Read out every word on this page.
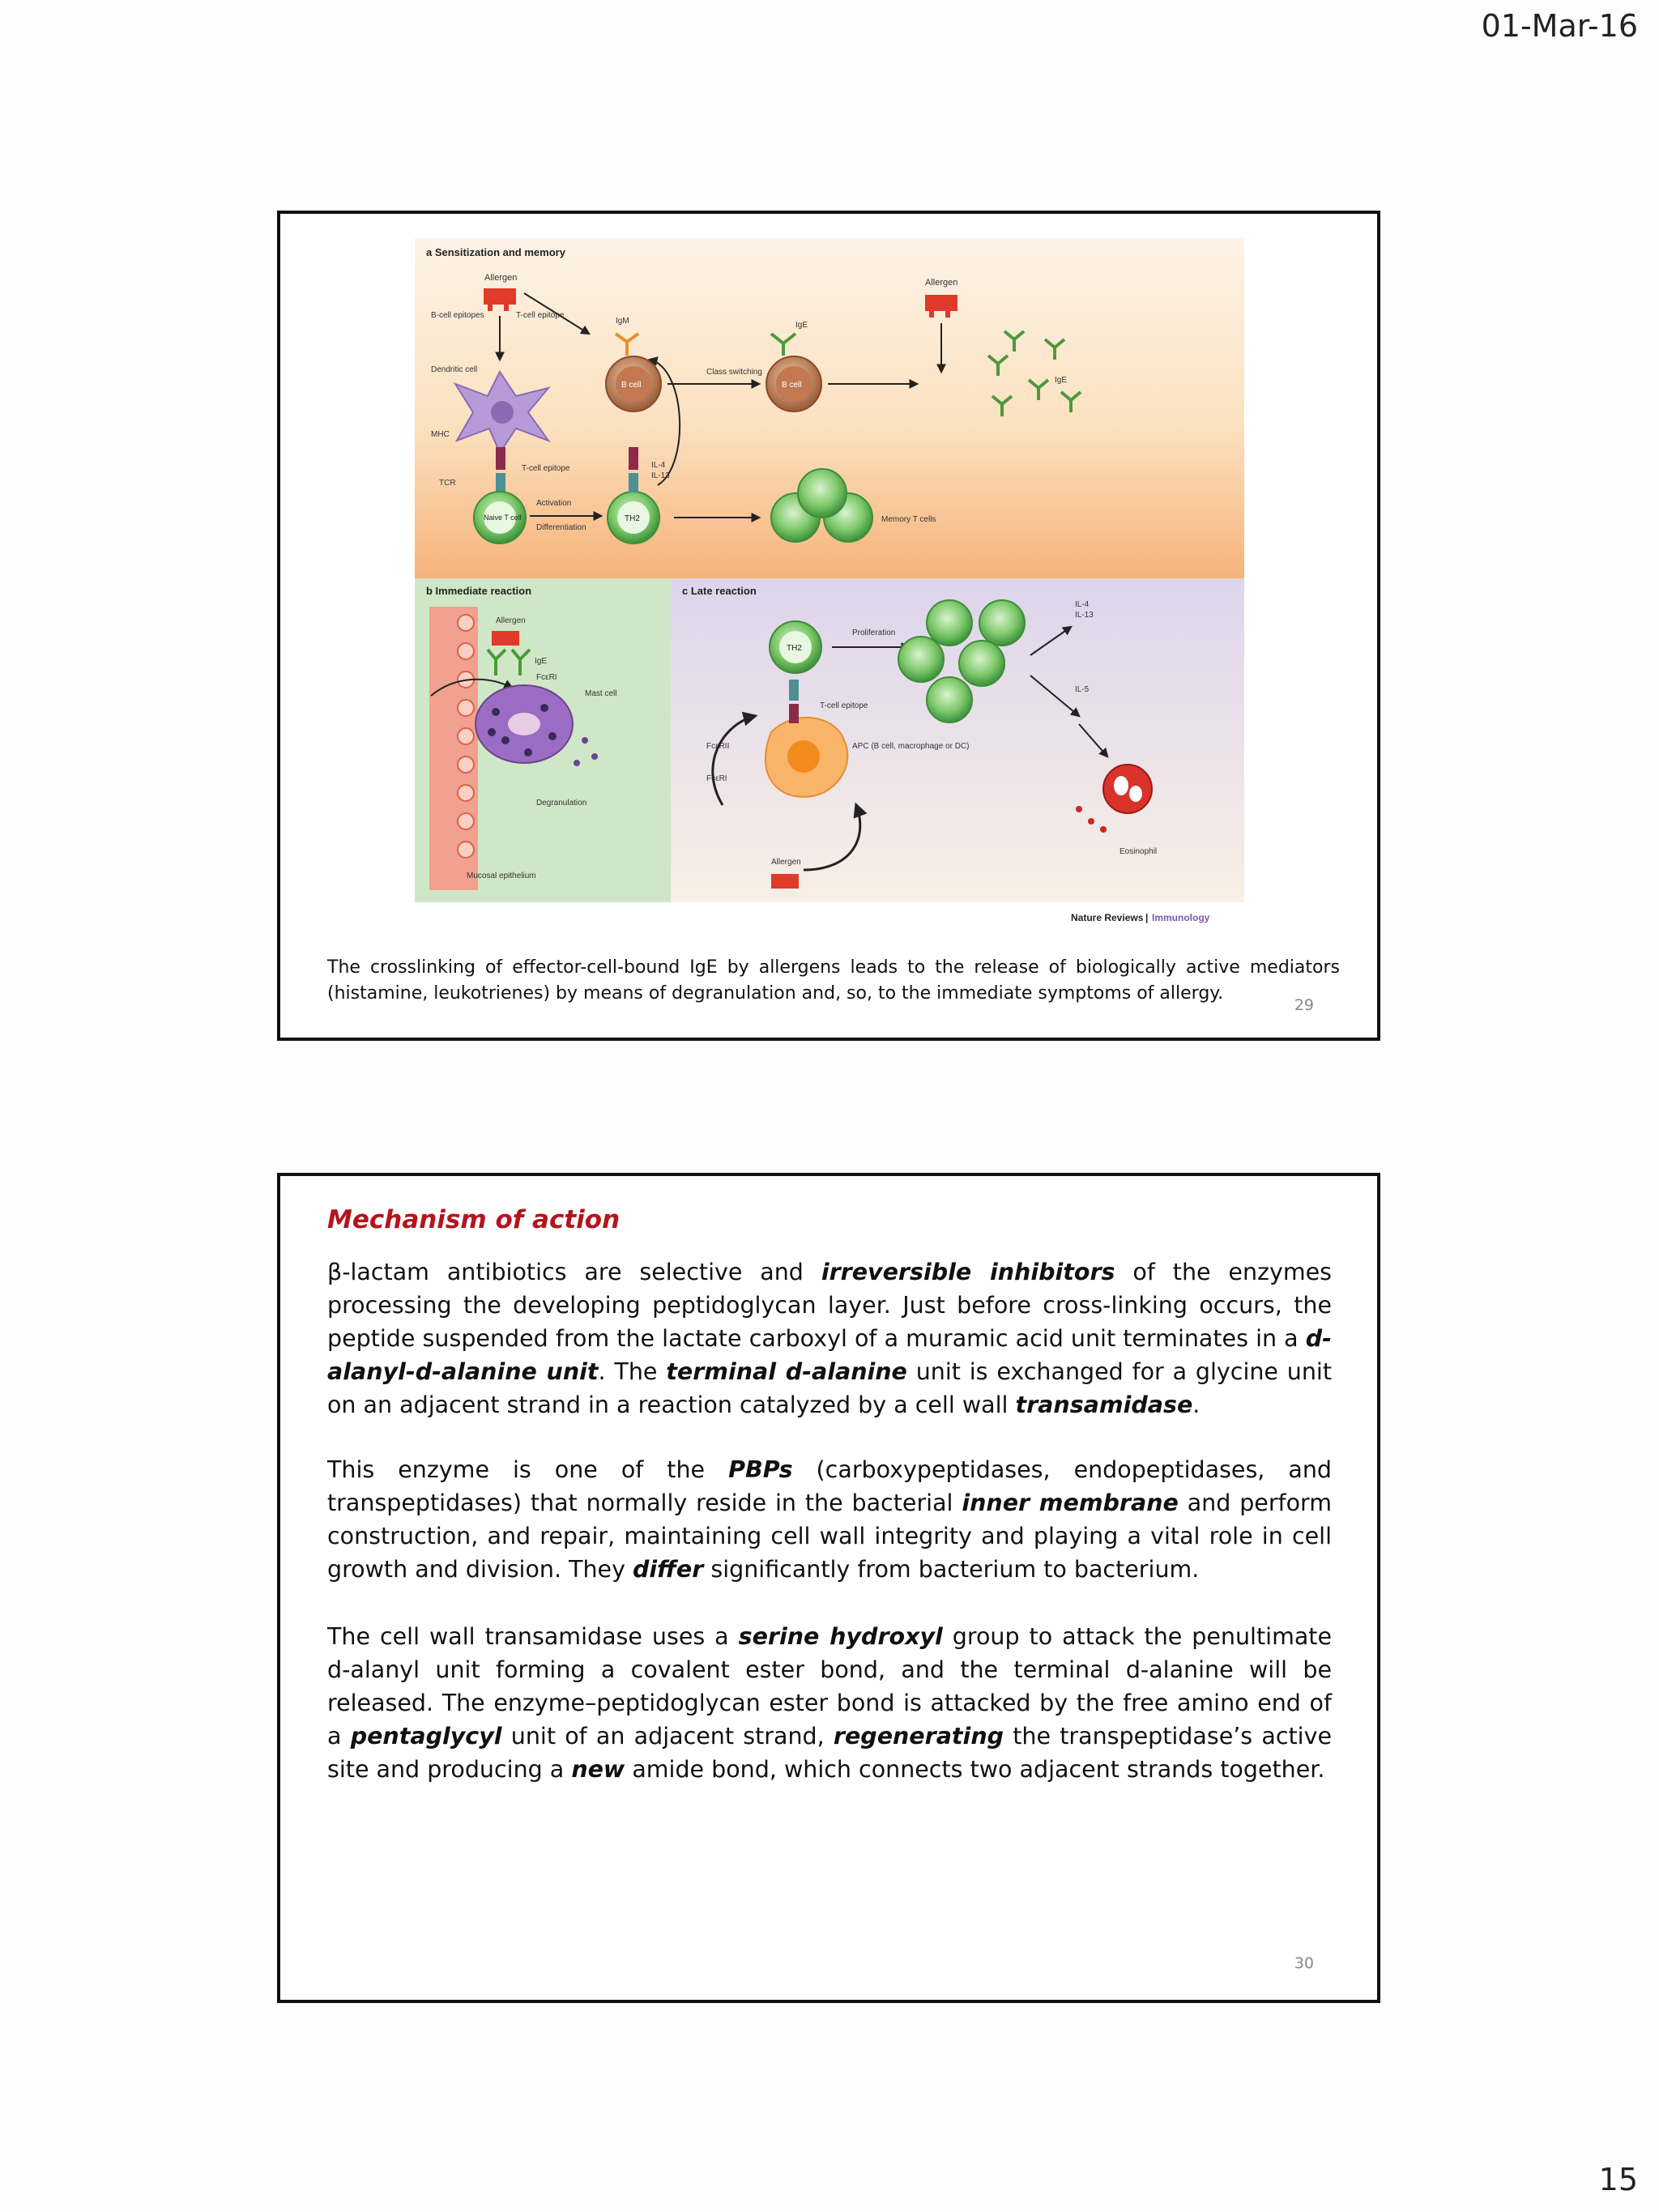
01-Mar-16
a Sensitization and memory
b Immediate reaction	c Late reaction
Allergen
B-cell epitopes	T-cell epitope
Dendritic cell
MHC
TCR
T-cell epitope
Naive T cell
Activation
Differentiation
TH2
IL-4
IL-13
B cell
IgM
Class switching
B cell
IgE
Allergen
IgE
Memory T cells
Mucosal epithelium
Allergen
IgE
FcεRI
Mast cell
Degranulation
TH2
Proliferation
IL-4
IL-13
IL-5
Eosinophil
T-cell epitope
FcεRII
FcεRI
APC (B cell, macrophage or DC)
Allergen
Nature Reviews | Immunology
The crosslinking of effector-cell-bound IgE by allergens leads to the release of biologically active mediators (histamine, leukotrienes) by means of degranulation and, so, to the immediate symptoms of allergy.
29
Mechanism of action
β-lactam antibiotics are selective and irreversible inhibitors of the enzymes processing the developing peptidoglycan layer. Just before cross-linking occurs, the peptide suspended from the lactate carboxyl of a muramic acid unit terminates in a d-alanyl-d-alanine unit. The terminal d-alanine unit is exchanged for a glycine unit on an adjacent strand in a reaction catalyzed by a cell wall transamidase.
This enzyme is one of the PBPs (carboxypeptidases, endopeptidases, and transpeptidases) that normally reside in the bacterial inner membrane and perform construction, and repair, maintaining cell wall integrity and playing a vital role in cell growth and division. They differ significantly from bacterium to bacterium.
The cell wall transamidase uses a serine hydroxyl group to attack the penultimate d-alanyl unit forming a covalent ester bond, and the terminal d-alanine will be released. The enzyme–peptidoglycan ester bond is attacked by the free amino end of a pentaglycyl unit of an adjacent strand, regenerating the transpeptidase’s active site and producing a new amide bond, which connects two adjacent strands together.
30
15
